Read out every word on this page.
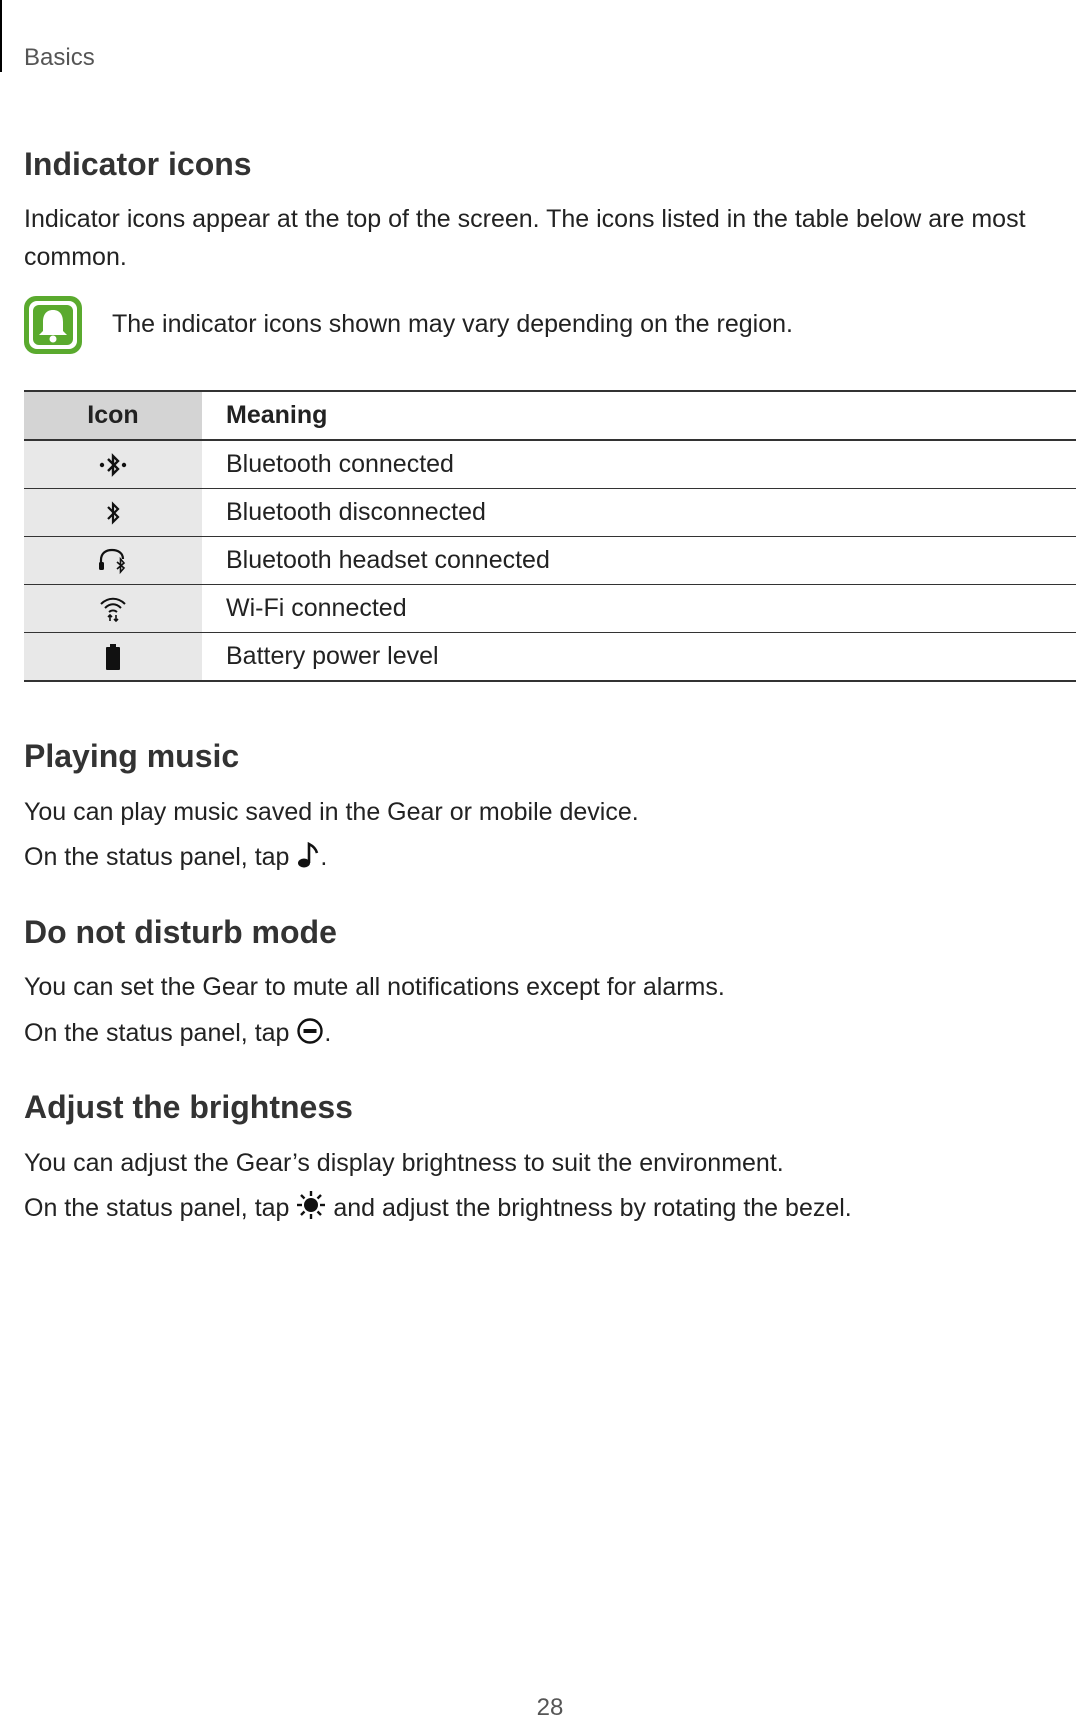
Basics
Indicator icons

Indicator icons appear at the top of the screen. The icons listed in the table below are most common.

The indicator icons shown may vary depending on the region.

Icon	Meaning
	Bluetooth connected
	Bluetooth disconnected
	Bluetooth headset connected
	Wi-Fi connected
	Battery power level
Playing music

You can play music saved in the Gear or mobile device.

On the status panel, tap .

Do not disturb mode

You can set the Gear to mute all notifications except for alarms.

On the status panel, tap .

Adjust the brightness

You can adjust the Gear’s display brightness to suit the environment.

On the status panel, tap  and adjust the brightness by rotating the bezel.

28
